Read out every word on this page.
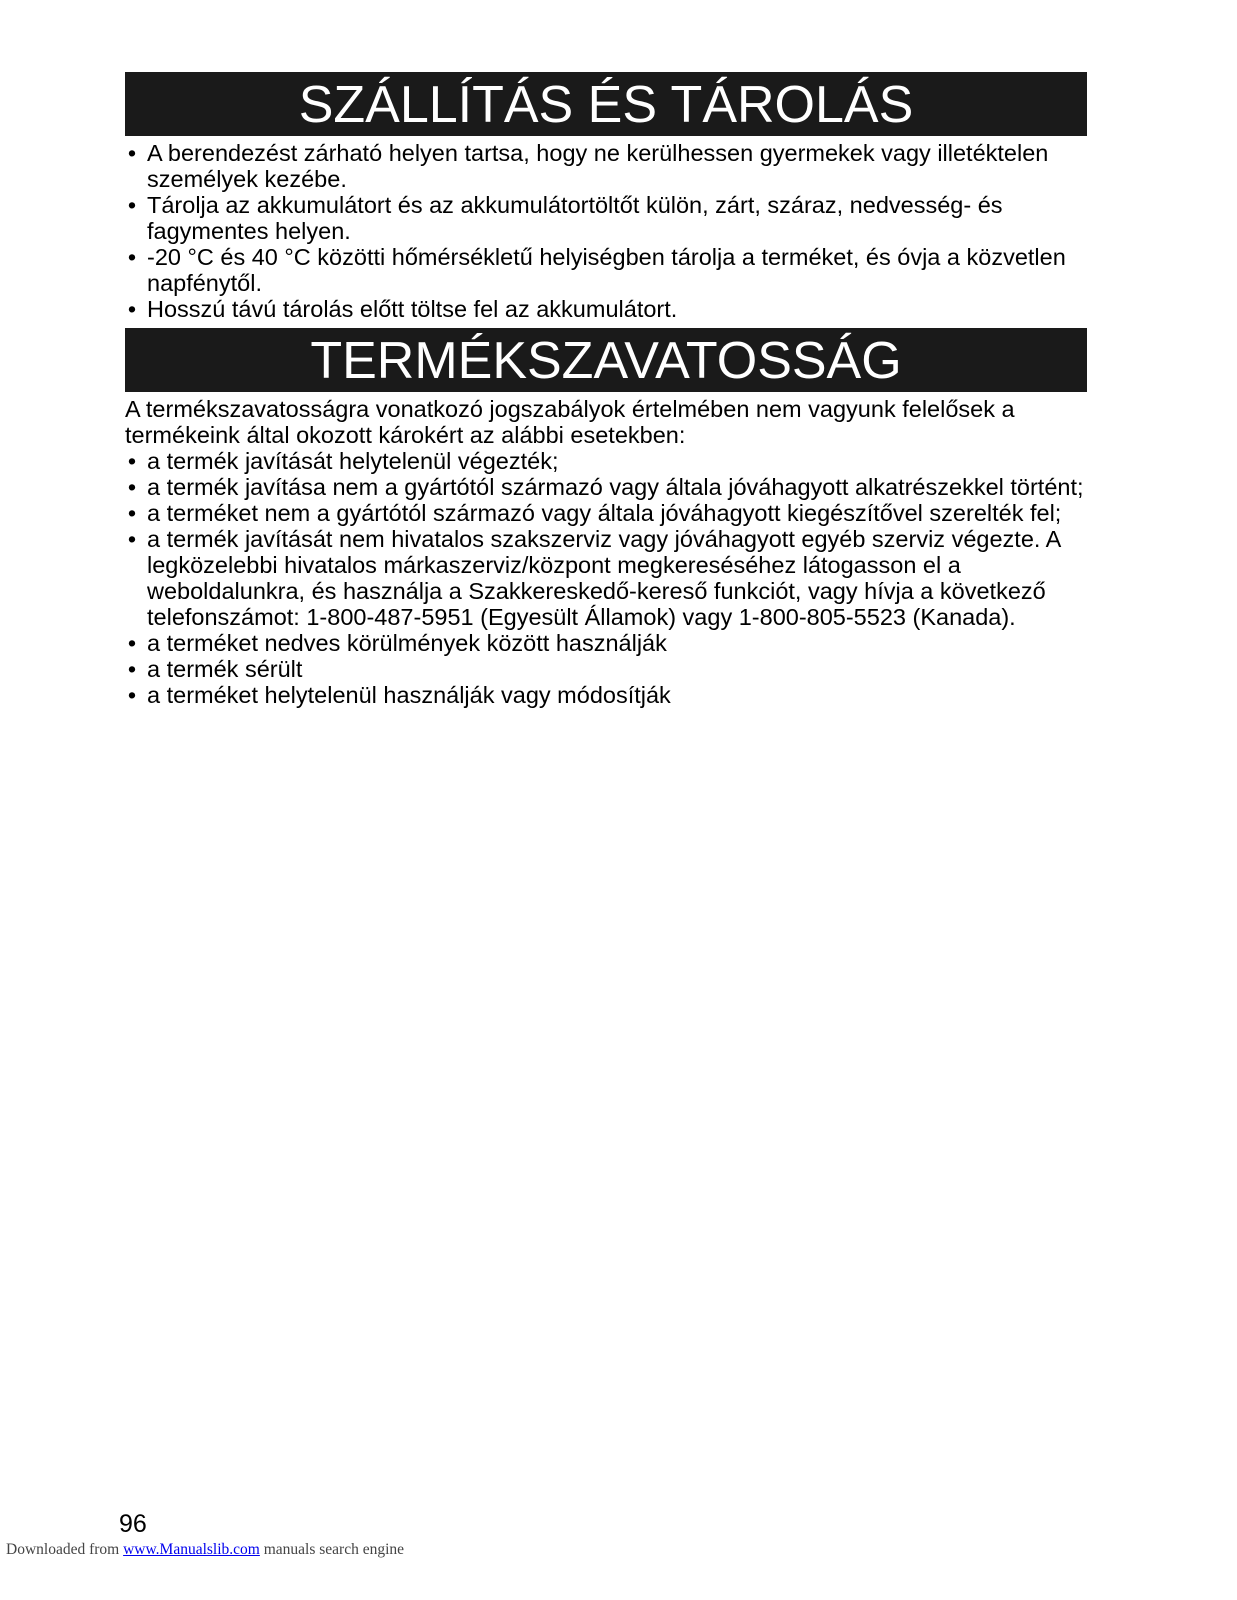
SZÁLLÍTÁS ÉS TÁROLÁS
• A berendezést zárható helyen tartsa, hogy ne kerülhessen gyermekek vagy illetéktelen személyek kezébe.
• Tárolja az akkumulátort és az akkumulátortöltőt külön, zárt, száraz, nedvesség- és fagymentes helyen.
• -20 °C és 40 °C közötti hőmérsékletű helyiségben tárolja a terméket, és óvja a közvetlen napfénytől.
• Hosszú távú tárolás előtt töltse fel az akkumulátort.
TERMÉKSZAVATOSSÁG

A termékszavatosságra vonatkozó jogszabályok értelmében nem vagyunk felelősek a termékeink által okozott károkért az alábbi esetekben:

• a termék javítását helytelenül végezték;
• a termék javítása nem a gyártótól származó vagy általa jóváhagyott alkatrészekkel történt;
• a terméket nem a gyártótól származó vagy általa jóváhagyott kiegészítővel szerelték fel;
• a termék javítását nem hivatalos szakszerviz vagy jóváhagyott egyéb szerviz végezte. A legközelebbi hivatalos márkaszerviz/központ megkereséséhez látogasson el a weboldalunkra, és használja a Szakkereskedő-kereső funkciót, vagy hívja a következő telefonszámot: 1-800-487-5951 (Egyesült Államok) vagy 1-800-805-5523 (Kanada).
• a terméket nedves körülmények között használják
• a termék sérült
• a terméket helytelenül használják vagy módosítják
96
Downloaded from www.Manualslib.com manuals search engine
